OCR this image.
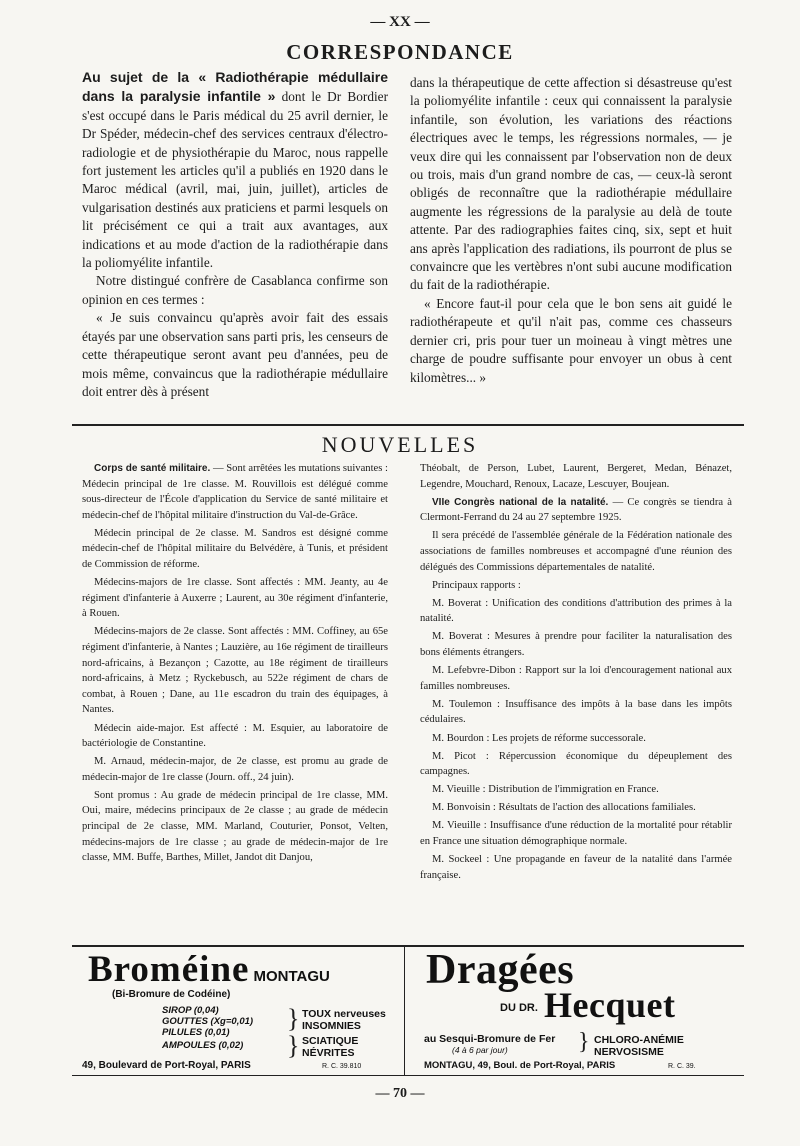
— XX —
CORRESPONDANCE

Au sujet de la « Radiothérapie médullaire dans la paralysie infantile » dont le Dr Bordier s'est occupé dans le Paris médical du 25 avril dernier, le Dr Spéder, médecin-chef des services centraux d'électro-radiologie et de physiothérapie du Maroc, nous rappelle fort justement les articles qu'il a publiés en 1920 dans le Maroc médical (avril, mai, juin, juillet), articles de vulgarisation destinés aux praticiens et parmi lesquels on lit précisément ce qui a trait aux avantages, aux indications et au mode d'action de la radiothérapie dans la poliomyélite infantile.

Notre distingué confrère de Casablanca confirme son opinion en ces termes :

« Je suis convaincu qu'après avoir fait des essais étayés par une observation sans parti pris, les censeurs de cette thérapeutique seront avant peu d'années, peu de mois même, convaincus que la radiothérapie médullaire doit entrer dès à présent

dans la thérapeutique de cette affection si désastreuse qu'est la poliomyélite infantile : ceux qui connaissent la paralysie infantile, son évolution, les variations des réactions électriques avec le temps, les régressions normales, — je veux dire qui les connaissent par l'observation non de deux ou trois, mais d'un grand nombre de cas, — ceux-là seront obligés de reconnaître que la radiothérapie médullaire augmente les régressions de la paralysie au delà de toute attente. Par des radiographies faites cinq, six, sept et huit ans après l'application des radiations, ils pourront de plus se convaincre que les vertèbres n'ont subi aucune modification du fait de la radiothérapie.

« Encore faut-il pour cela que le bon sens ait guidé le radiothérapeute et qu'il n'ait pas, comme ces chasseurs dernier cri, pris pour tuer un moineau à vingt mètres une charge de poudre suffisante pour envoyer un obus à cent kilomètres... »

NOUVELLES

Corps de santé militaire. — Sont arrêtées les mutations suivantes : Médecin principal de 1re classe. M. Rouvillois est délégué comme sous-directeur de l'École d'application du Service de santé militaire et médecin-chef de l'hôpital militaire d'instruction du Val-de-Grâce.

Médecin principal de 2e classe. M. Sandros est désigné comme médecin-chef de l'hôpital militaire du Belvédère, à Tunis, et président de Commission de réforme.

Médecins-majors de 1re classe. Sont affectés : MM. Jeanty, au 4e régiment d'infanterie à Auxerre ; Laurent, au 30e régiment d'infanterie, à Rouen.

Médecins-majors de 2e classe. Sont affectés : MM. Coffiney, au 65e régiment d'infanterie, à Nantes ; Lauzière, au 16e régiment de tirailleurs nord-africains, à Bezançon ; Cazotte, au 18e régiment de tirailleurs nord-africains, à Metz ; Ryckebusch, au 522e régiment de chars de combat, à Rouen ; Dane, au 11e escadron du train des équipages, à Nantes.

Médecin aide-major. Est affecté : M. Esquier, au laboratoire de bactériologie de Constantine.

M. Arnaud, médecin-major, de 2e classe, est promu au grade de médecin-major de 1re classe (Journ. off., 24 juin).

Sont promus : Au grade de médecin principal de 1re classe, MM. Oui, maire, médecins principaux de 2e classe ; au grade de médecin principal de 2e classe, MM. Marland, Couturier, Ponsot, Velten, médecins-majors de 1re classe ; au grade de médecin-major de 1re classe, MM. Buffe, Barthes, Millet, Jandot dit Danjou,

Théobalt, de Person, Lubet, Laurent, Bergeret, Medan, Bénazet, Legendre, Mouchard, Renoux, Lacaze, Lescuyer, Boujean.

VIIe Congrès national de la natalité. — Ce congrès se tiendra à Clermont-Ferrand du 24 au 27 septembre 1925.

Il sera précédé de l'assemblée générale de la Fédération nationale des associations de familles nombreuses et accompagné d'une réunion des délégués des Commissions départementales de natalité.

Principaux rapports :

M. Boverat : Unification des conditions d'attribution des primes à la natalité.

M. Boverat : Mesures à prendre pour faciliter la naturalisation des bons éléments étrangers.

M. Lefebvre-Dibon : Rapport sur la loi d'encouragement national aux familles nombreuses.

M. Toulemon : Insuffisance des impôts à la base dans les impôts cédulaires.

M. Bourdon : Les projets de réforme successorale.

M. Picot : Répercussion économique du dépeuplement des campagnes.

M. Vieuille : Distribution de l'immigration en France.

M. Bonvoisin : Résultats de l'action des allocations familiales.

M. Vieuille : Insuffisance d'une réduction de la mortalité pour rétablir en France une situation démographique normale.

M. Sockeel : Une propagande en faveur de la natalité dans l'armée française.

Broméine MONTAGU
(Bi-Bromure de Codéine)
SIROP (0,04)
GOUTTES (Xg=0,01)
PILULES (0,01)
AMPOULES (0,02)
} TOUX nerveuses
INSOMNIES
} SCIATIQUE
NÉVRITES
49, Boulevard de Port-Royal, PARIS	R. C. 39.810
Dragées
DU DR. Hecquet
au Sesqui-Bromure de Fer
(4 à 6 par jour)	} CHLORO-ANÉMIE
NERVOSISME
MONTAGU, 49, Boul. de Port-Royal, PARIS	R. C. 39.
— 70 —
